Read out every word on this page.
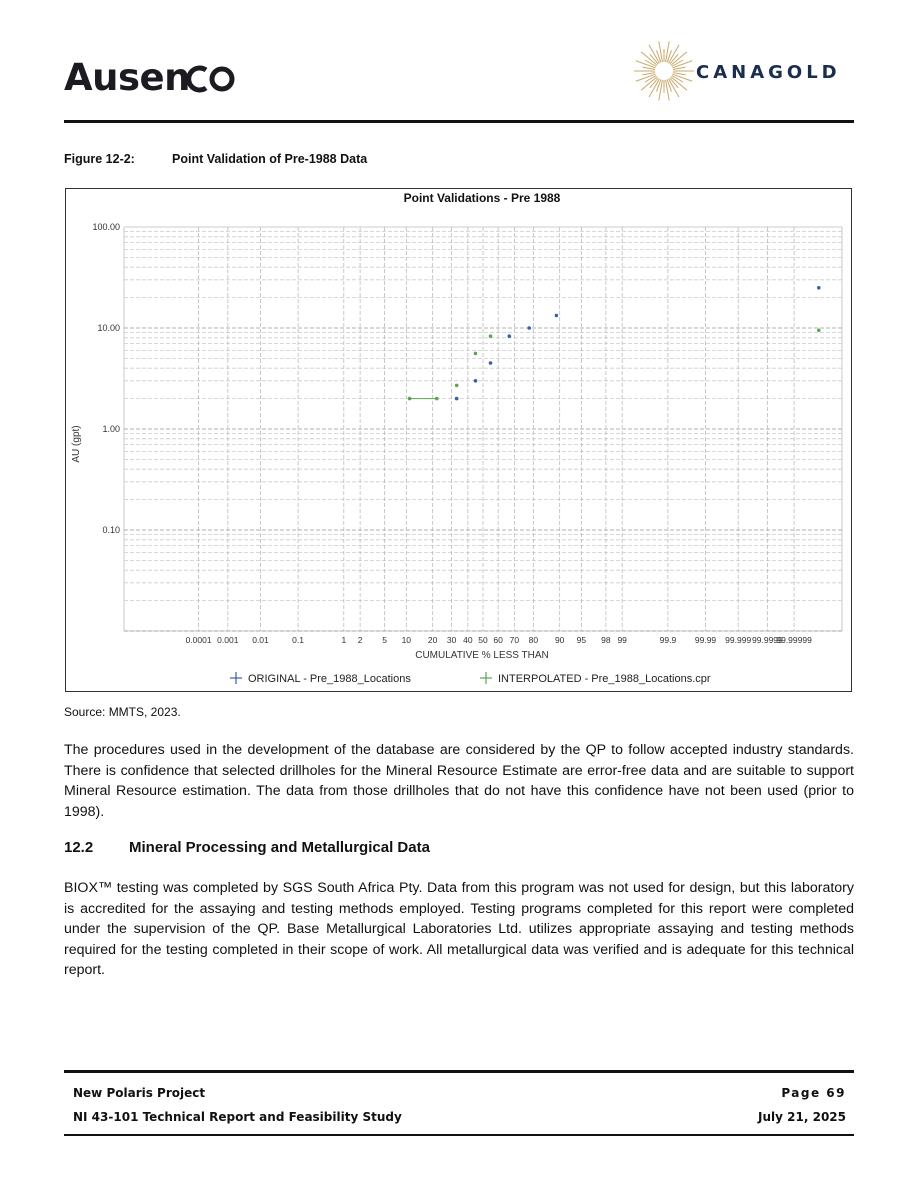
Ausen	CANAGOLD
Figure 12-2:	Point Validation of Pre-1988 Data
Point Validations - Pre 1988
AU (gpt)
CUMULATIVE % LESS THAN
100.00
10.00
1.00
0.10
0.0001 0.001 0.01	0.1	1 2 5 10 20 30 40 50 60 70 80 90 95 98 99	99.9 99.99 99.999 99.9999
99.99999
ORIGINAL - Pre_1988_Locations	INTERPOLATED - Pre_1988_Locations.cpr
Source: MMTS, 2023.

The procedures used in the development of the database are considered by the QP to follow accepted industry standards. There is confidence that selected drillholes for the Mineral Resource Estimate are error-free data and are suitable to support Mineral Resource estimation. The data from those drillholes that do not have this confidence have not been used (prior to 1998).

12.2 Mineral Processing and Metallurgical Data

BIOX™ testing was completed by SGS South Africa Pty. Data from this program was not used for design, but this laboratory is accredited for the assaying and testing methods employed. Testing programs completed for this report were completed under the supervision of the QP. Base Metallurgical Laboratories Ltd. utilizes appropriate assaying and testing methods required for the testing completed in their scope of work. All metallurgical data was verified and is adequate for this technical report.

New Polaris Project
NI 43-101 Technical Report and Feasibility Study
Page 69
July 21, 2025
